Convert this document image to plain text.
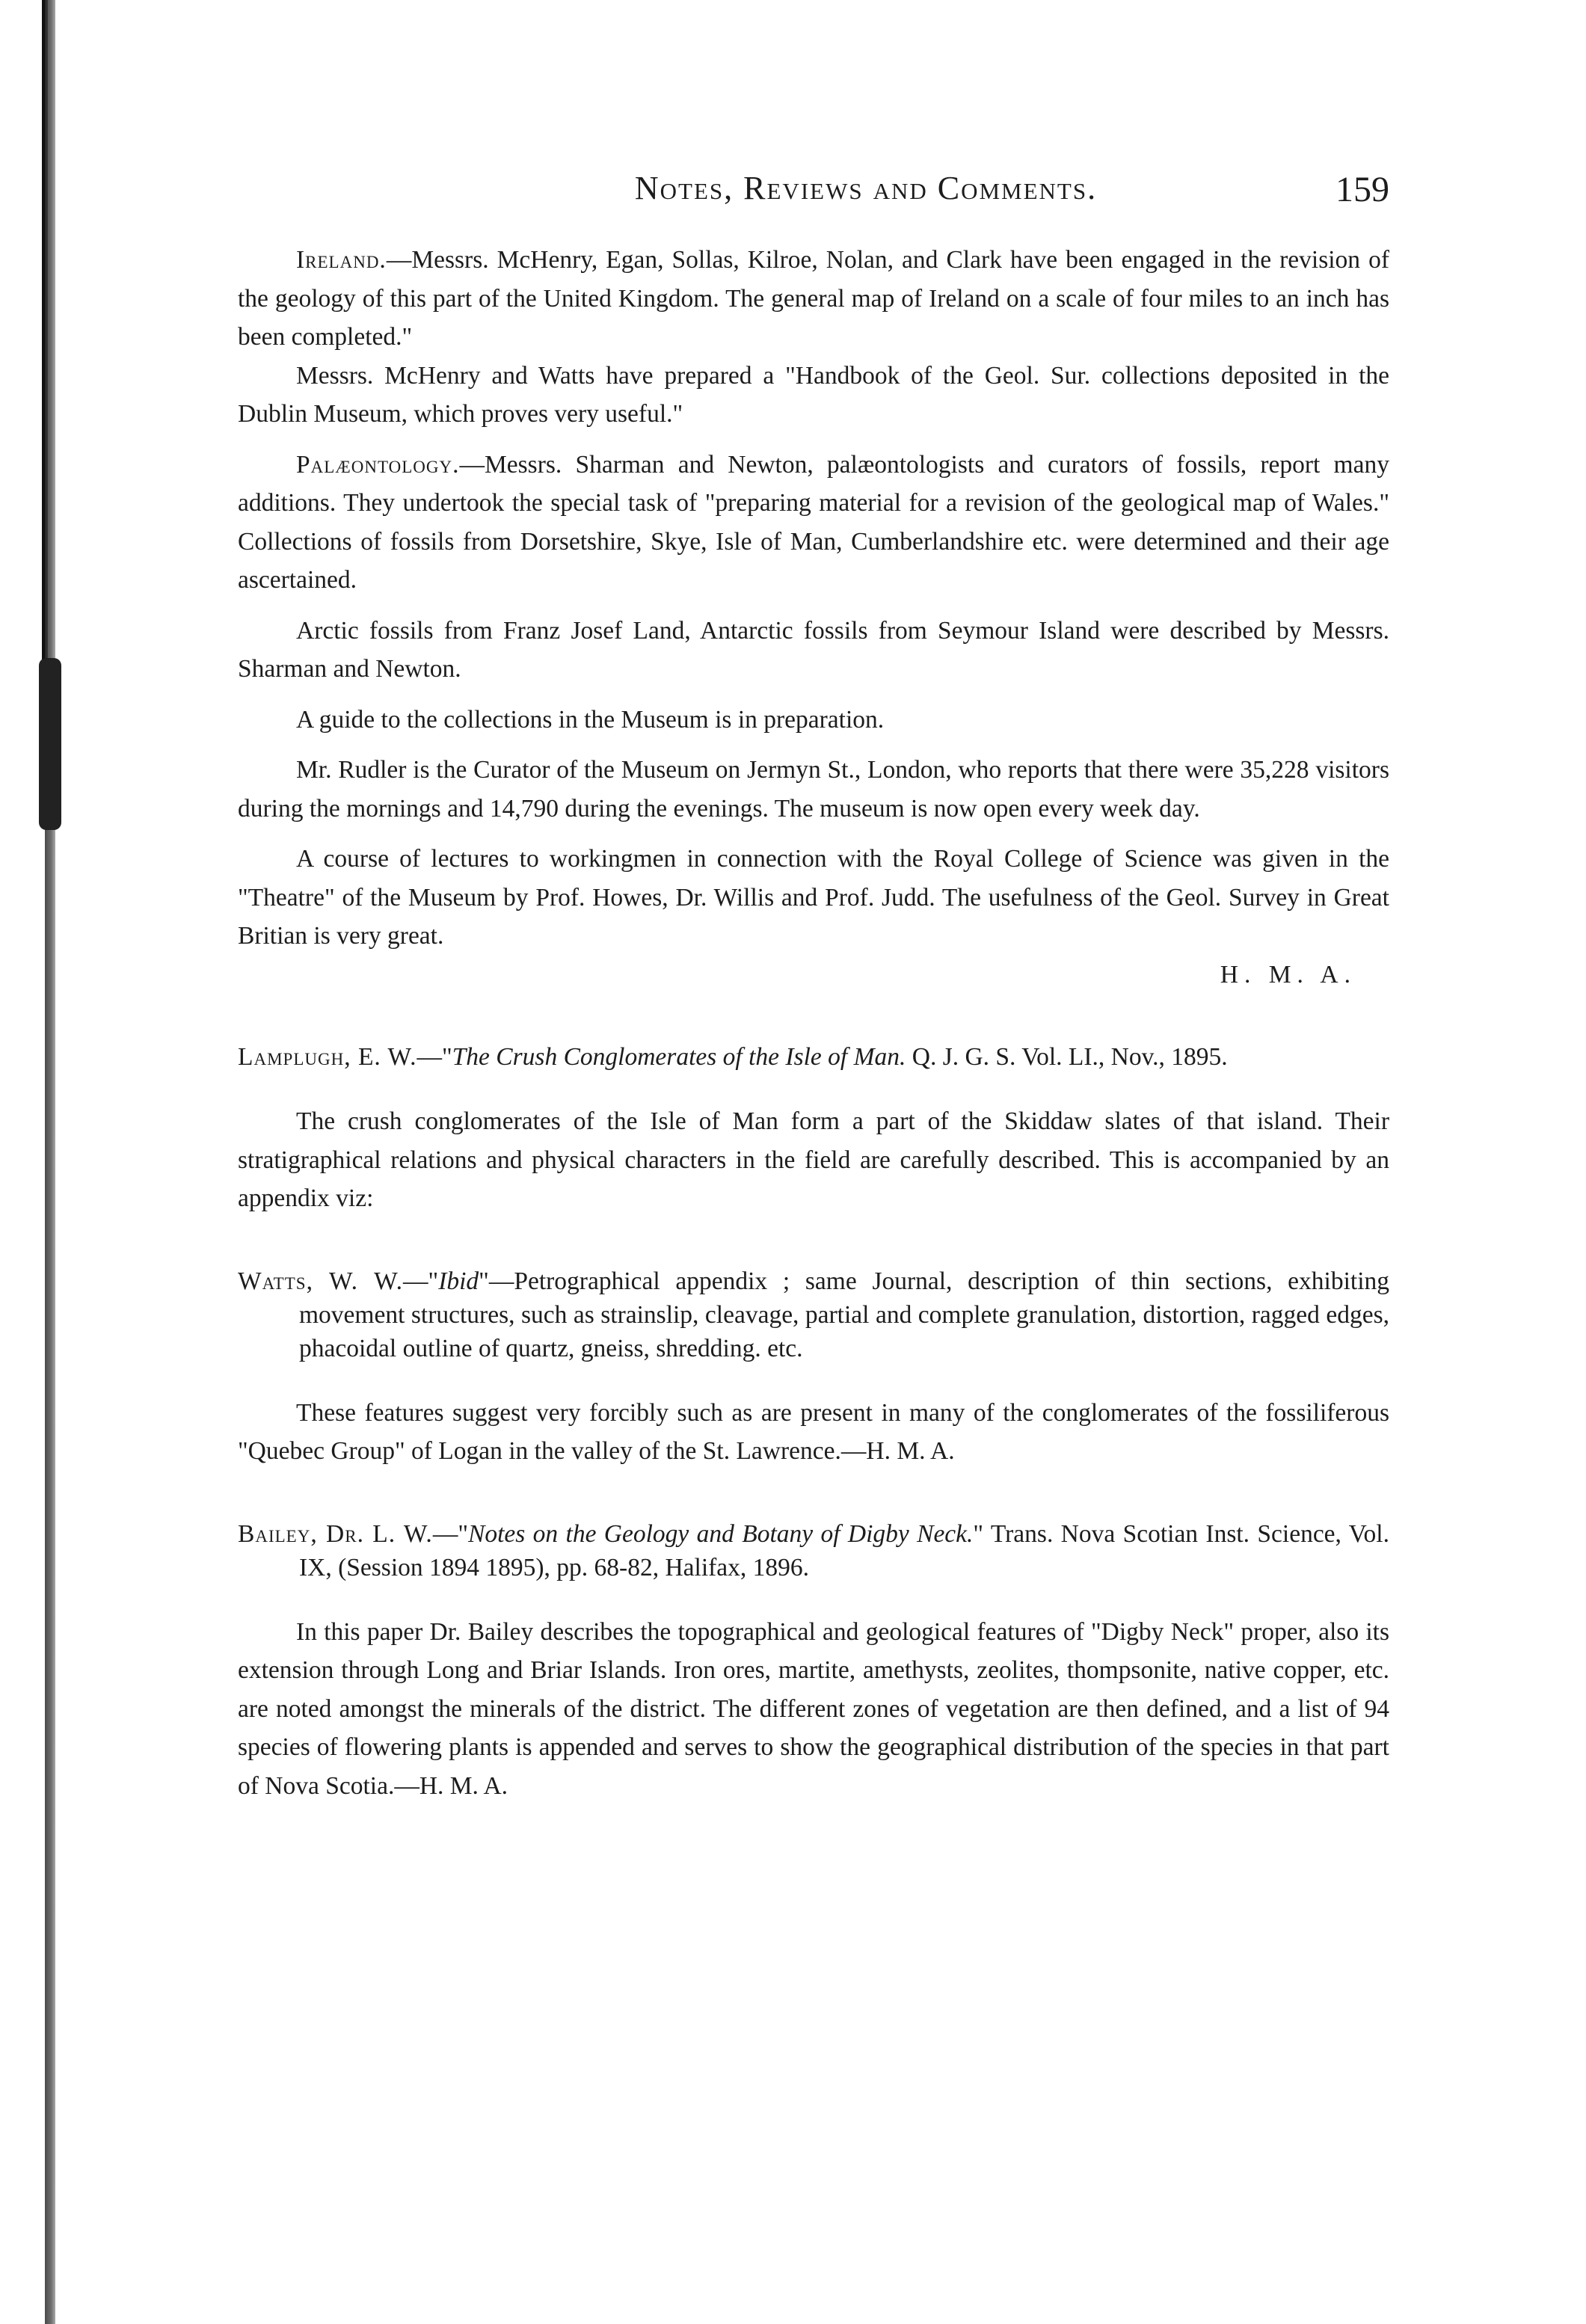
Notes, Reviews and Comments.	159

Ireland.—Messrs. McHenry, Egan, Sollas, Kilroe, Nolan, and Clark have been engaged in the revision of the geology of this part of the United Kingdom. The general map of Ireland on a scale of four miles to an inch has been completed."

Messrs. McHenry and Watts have prepared a "Handbook of the Geol. Sur. collections deposited in the Dublin Museum, which proves very useful."

Palæontology.—Messrs. Sharman and Newton, palæontologists and curators of fossils, report many additions. They undertook the special task of "preparing material for a revision of the geological map of Wales." Collections of fossils from Dorsetshire, Skye, Isle of Man, Cumberlandshire etc. were determined and their age ascertained.

Arctic fossils from Franz Josef Land, Antarctic fossils from Seymour Island were described by Messrs. Sharman and Newton.

A guide to the collections in the Museum is in preparation.

Mr. Rudler is the Curator of the Museum on Jermyn St., London, who reports that there were 35,228 visitors during the mornings and 14,790 during the evenings. The museum is now open every week day.

A course of lectures to workingmen in connection with the Royal College of Science was given in the "Theatre" of the Museum by Prof. Howes, Dr. Willis and Prof. Judd. The usefulness of the Geol. Survey in Great Britian is very great.

H. M. A.

Lamplugh, E. W.—"The Crush Conglomerates of the Isle of Man. Q. J. G. S. Vol. LI., Nov., 1895.

The crush conglomerates of the Isle of Man form a part of the Skiddaw slates of that island. Their stratigraphical relations and physical characters in the field are carefully described. This is accompanied by an appendix viz:

Watts, W. W.—"Ibid"—Petrographical appendix ; same Journal, description of thin sections, exhibiting movement structures, such as strainslip, cleavage, partial and complete granulation, distortion, ragged edges, phacoidal outline of quartz, gneiss, shredding. etc.

These features suggest very forcibly such as are present in many of the conglomerates of the fossiliferous "Quebec Group" of Logan in the valley of the St. Lawrence.—H. M. A.

Bailey, Dr. L. W.—"Notes on the Geology and Botany of Digby Neck." Trans. Nova Scotian Inst. Science, Vol. IX, (Session 1894 1895), pp. 68-82, Halifax, 1896.

In this paper Dr. Bailey describes the topographical and geological features of "Digby Neck" proper, also its extension through Long and Briar Islands. Iron ores, martite, amethysts, zeolites, thompsonite, native copper, etc. are noted amongst the minerals of the district. The different zones of vegetation are then defined, and a list of 94 species of flowering plants is appended and serves to show the geographical distribution of the species in that part of Nova Scotia.—H. M. A.
